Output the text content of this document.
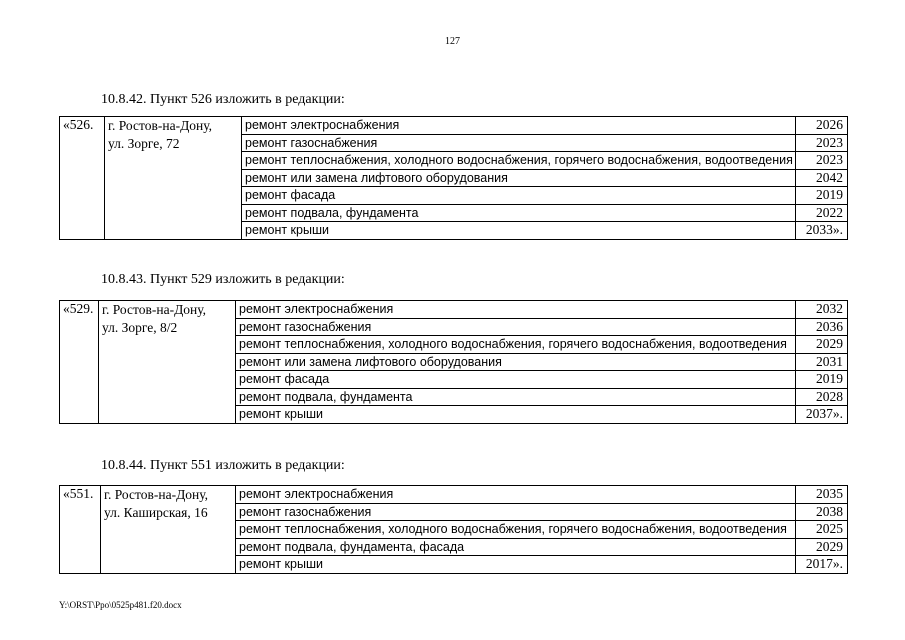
127
10.8.42. Пункт 526 изложить в редакции:
«526.	г. Ростов-на-Дону,
ул. Зорге, 72	ремонт электроснабжения	2026
		ремонт газоснабжения	2023
		ремонт теплоснабжения, холодного водоснабжения, горячего водоснабжения, водоотведения	2023
		ремонт или замена лифтового оборудования	2042
		ремонт фасада	2019
		ремонт подвала, фундамента	2022
		ремонт крыши	2033».
10.8.43. Пункт 529 изложить в редакции:
«529.	г. Ростов-на-Дону,
ул. Зорге, 8/2	ремонт электроснабжения	2032
		ремонт газоснабжения	2036
		ремонт теплоснабжения, холодного водоснабжения, горячего водоснабжения, водоотведения	2029
		ремонт или замена лифтового оборудования	2031
		ремонт фасада	2019
		ремонт подвала, фундамента	2028
		ремонт крыши	2037».
10.8.44. Пункт 551 изложить в редакции:
«551.	г. Ростов-на-Дону,
ул. Каширская, 16	ремонт электроснабжения	2035
		ремонт газоснабжения	2038
		ремонт теплоснабжения, холодного водоснабжения, горячего водоснабжения, водоотведения	2025
		ремонт подвала, фундамента, фасада	2029
		ремонт крыши	2017».
Y:\ORST\Ppo\0525p481.f20.docx
